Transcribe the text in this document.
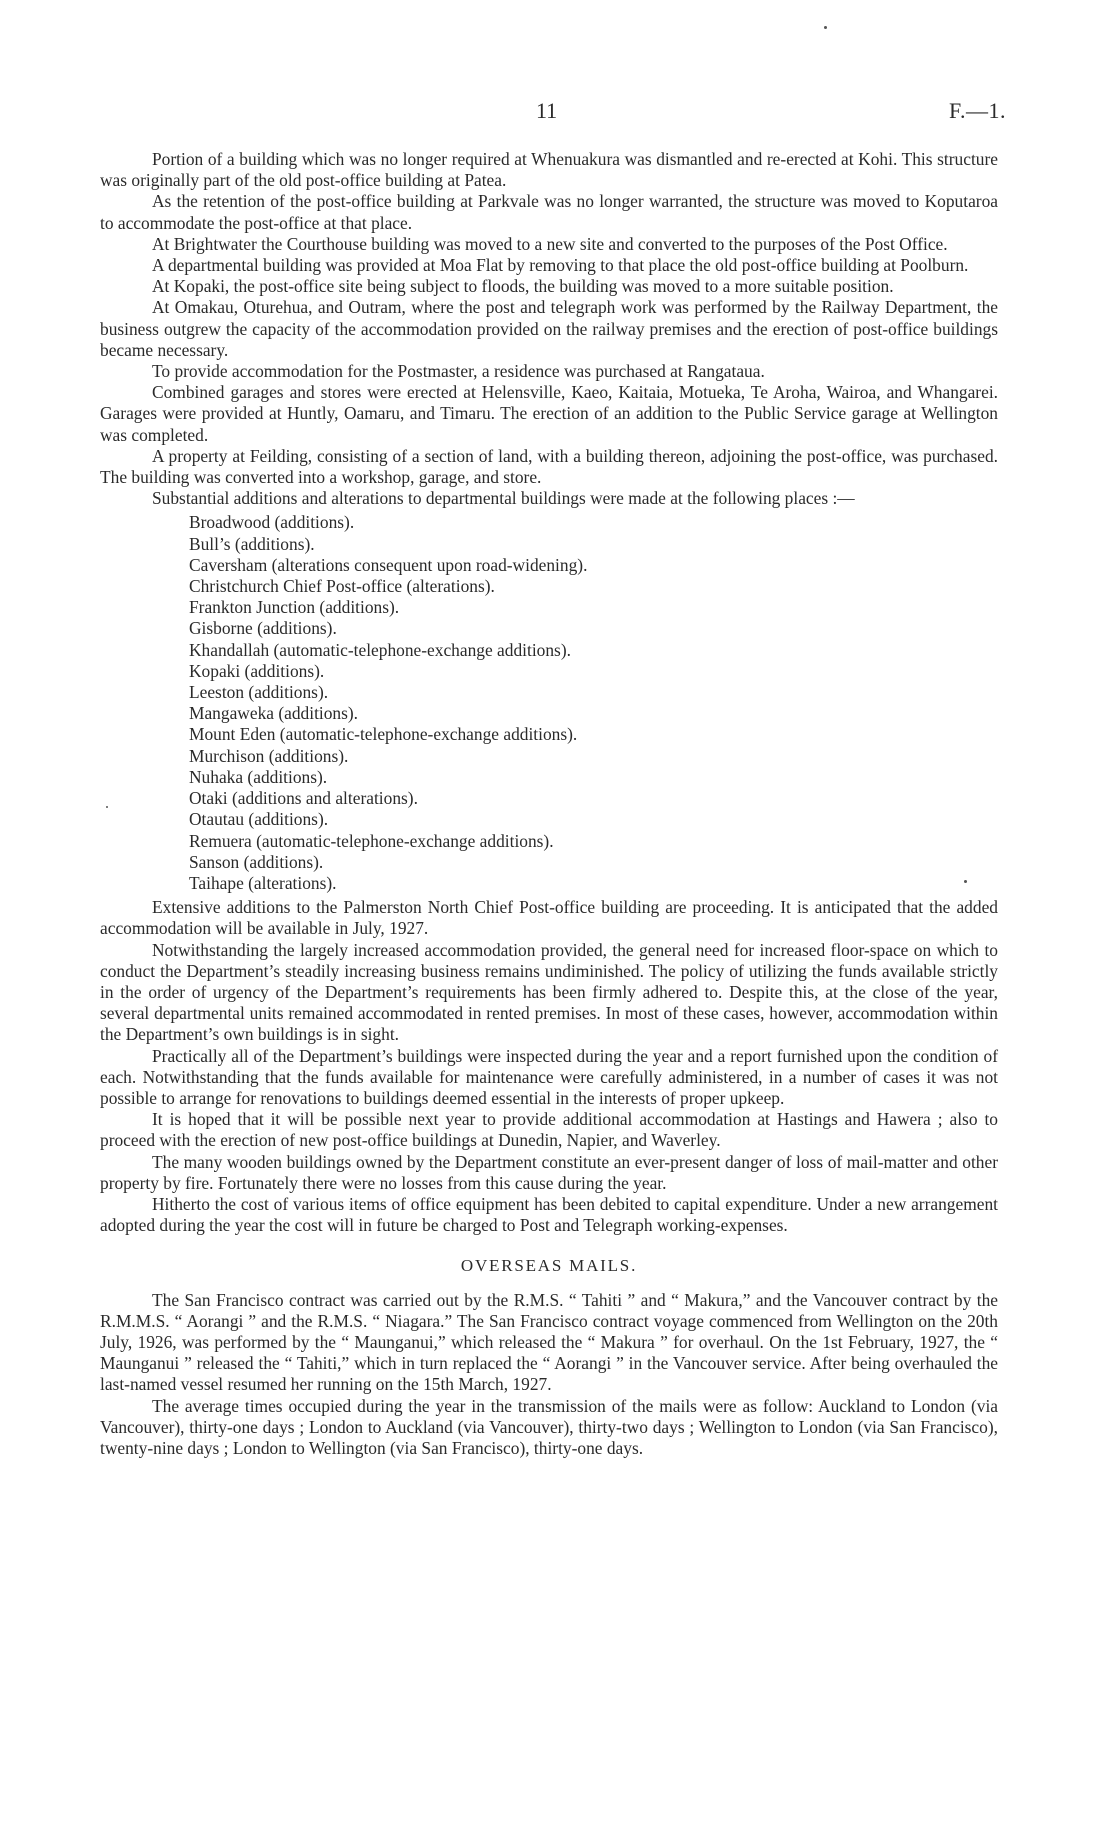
11	F.—1.

Portion of a building which was no longer required at Whenuakura was dismantled and re-erected at Kohi. This structure was originally part of the old post-office building at Patea.

As the retention of the post-office building at Parkvale was no longer warranted, the structure was moved to Koputaroa to accommodate the post-office at that place.

At Brightwater the Courthouse building was moved to a new site and converted to the purposes of the Post Office.

A departmental building was provided at Moa Flat by removing to that place the old post-office building at Poolburn.

At Kopaki, the post-office site being subject to floods, the building was moved to a more suitable position.

At Omakau, Oturehua, and Outram, where the post and telegraph work was performed by the Railway Department, the business outgrew the capacity of the accommodation provided on the railway premises and the erection of post-office buildings became necessary.

To provide accommodation for the Postmaster, a residence was purchased at Rangataua.

Combined garages and stores were erected at Helensville, Kaeo, Kaitaia, Motueka, Te Aroha, Wairoa, and Whangarei. Garages were provided at Huntly, Oamaru, and Timaru. The erection of an addition to the Public Service garage at Wellington was completed.

A property at Feilding, consisting of a section of land, with a building thereon, adjoining the post-office, was purchased. The building was converted into a workshop, garage, and store.

Substantial additions and alterations to departmental buildings were made at the following places :—

Broadwood (additions).
Bull’s (additions).
Caversham (alterations consequent upon road-widening).
Christchurch Chief Post-office (alterations).
Frankton Junction (additions).
Gisborne (additions).
Khandallah (automatic-telephone-exchange additions).
Kopaki (additions).
Leeston (additions).
Mangaweka (additions).
Mount Eden (automatic-telephone-exchange additions).
Murchison (additions).
Nuhaka (additions).
Otaki (additions and alterations).
Otautau (additions).
Remuera (automatic-telephone-exchange additions).
Sanson (additions).
Taihape (alterations).

Extensive additions to the Palmerston North Chief Post-office building are proceeding. It is anticipated that the added accommodation will be available in July, 1927.

Notwithstanding the largely increased accommodation provided, the general need for increased floor-space on which to conduct the Department’s steadily increasing business remains undiminished. The policy of utilizing the funds available strictly in the order of urgency of the Department’s requirements has been firmly adhered to. Despite this, at the close of the year, several departmental units remained accommodated in rented premises. In most of these cases, however, accommodation within the Department’s own buildings is in sight.

Practically all of the Department’s buildings were inspected during the year and a report furnished upon the condition of each. Notwithstanding that the funds available for maintenance were carefully administered, in a number of cases it was not possible to arrange for renovations to buildings deemed essential in the interests of proper upkeep.

It is hoped that it will be possible next year to provide additional accommodation at Hastings and Hawera ; also to proceed with the erection of new post-office buildings at Dunedin, Napier, and Waverley.

The many wooden buildings owned by the Department constitute an ever-present danger of loss of mail-matter and other property by fire. Fortunately there were no losses from this cause during the year.

Hitherto the cost of various items of office equipment has been debited to capital expenditure. Under a new arrangement adopted during the year the cost will in future be charged to Post and Telegraph working-expenses.

OVERSEAS MAILS.

The San Francisco contract was carried out by the R.M.S. “ Tahiti ” and “ Makura,” and the Vancouver contract by the R.M.M.S. “ Aorangi ” and the R.M.S. “ Niagara.” The San Francisco contract voyage commenced from Wellington on the 20th July, 1926, was performed by the “ Maunganui,” which released the “ Makura ” for overhaul. On the 1st February, 1927, the “ Maunganui ” released the “ Tahiti,” which in turn replaced the “ Aorangi ” in the Vancouver service. After being overhauled the last-named vessel resumed her running on the 15th March, 1927.

The average times occupied during the year in the transmission of the mails were as follow: Auckland to London (via Vancouver), thirty-one days ; London to Auckland (via Vancouver), thirty-two days ; Wellington to London (via San Francisco), twenty-nine days ; London to Wellington (via San Francisco), thirty-one days.
